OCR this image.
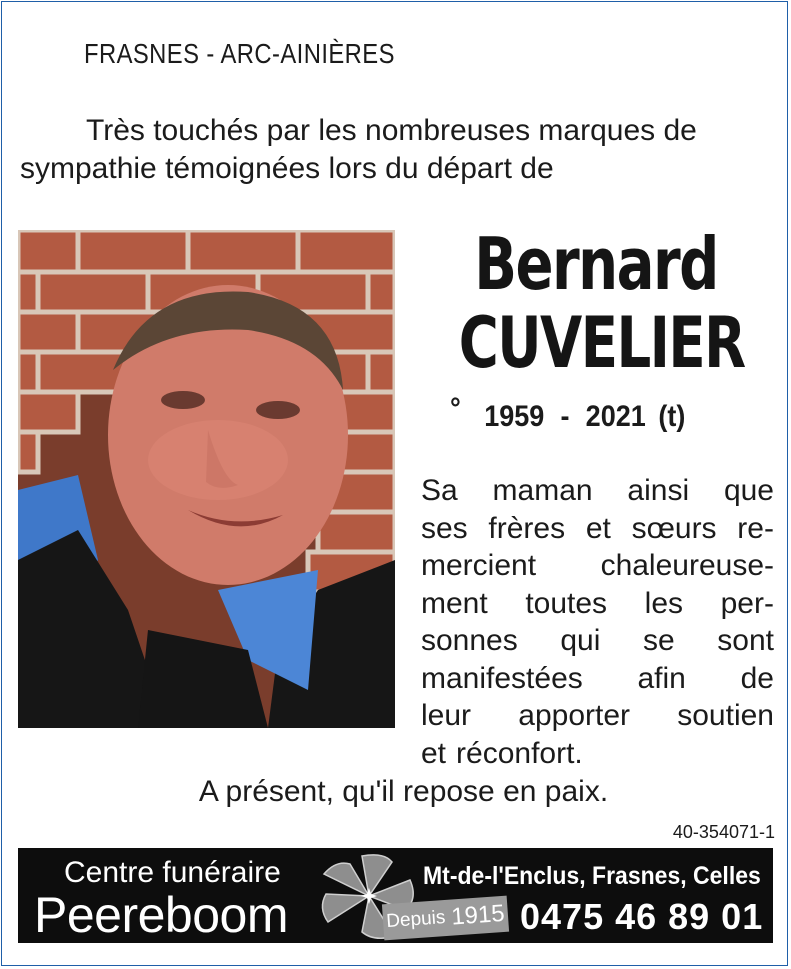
FRASNES - ARC-AINIÈRES
Très touchés par les nombreuses marques de
sympathie témoignées lors du départ de
Bernard
CUVELIER
° 1959 - 2021 (t)
Sa maman ainsi que
ses frères et sœurs re-
mercient chaleureuse-
ment toutes les per-
sonnes qui se sont
manifestées afin de
leur apporter soutien
et réconfort.
A présent, qu'il repose en paix.
40-354071-1
Centre funéraire
Peereboom	Depuis 1915
Mt-de-l'Enclus, Frasnes, Celles
0475 46 89 01
